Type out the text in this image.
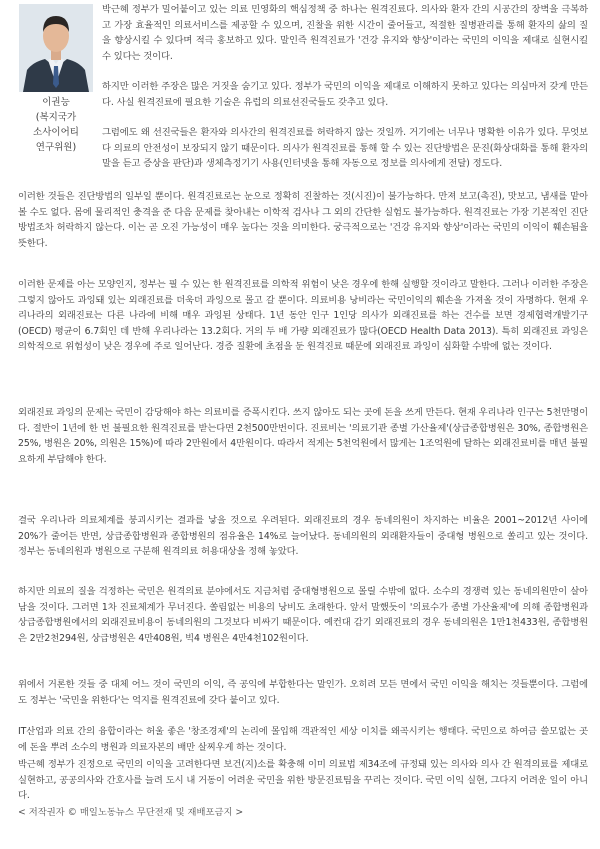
이권능
(복지국가
소사이어티
연구위원)

박근혜 정부가 밀어붙이고 있는 의료 민영화의 핵심정책 중 하나는 원격진료다. 의사와 환자 간의 시공간의 장벽을 극복하고 가장 효율적인 의료서비스를 제공할 수 있으며, 진찰을 위한 시간이 줄어들고, 적절한 질병관리를 통해 환자의 삶의 질을 향상시킬 수 있다며 적극 홍보하고 있다. 말인즉 원격진료가 '건강 유지와 향상'이라는 국민의 이익을 제대로 실현시킬 수 있다는 것이다.

하지만 이러한 주장은 많은 거짓을 숨기고 있다. 정부가 국민의 이익을 제대로 이해하지 못하고 있다는 의심마저 갖게 만든다. 사실 원격진료에 필요한 기술은 유럽의 의료선진국들도 갖추고 있다.

그럼에도 왜 선진국들은 환자와 의사간의 원격진료를 허락하지 않는 것일까. 거기에는 너무나 명확한 이유가 있다. 무엇보다 의료의 안전성이 보장되지 않기 때문이다. 의사가 원격진료를 통해 할 수 있는 진단방법은 문진(화상대화를 통해 환자의 말을 듣고 증상을 판단)과 생체측정기기 사용(인터넷을 통해 자동으로 정보를 의사에게 전달) 정도다.

이러한 것들은 진단방법의 일부일 뿐이다. 원격진료로는 눈으로 정확히 진찰하는 것(시진)이 불가능하다. 만져 보고(촉진), 맛보고, 냄새를 맡아 볼 수도 없다. 몸에 물리적인 충격을 준 다음 문제를 찾아내는 이학적 검사나 그 외의 간단한 실험도 불가능하다. 원격진료는 가장 기본적인 진단방법조차 허락하지 않는다. 이는 곧 오진 가능성이 매우 높다는 것을 의미한다. 궁극적으로는 '건강 유지와 향상'이라는 국민의 이익이 훼손됨을 뜻한다.

이러한 문제를 아는 모양인지, 정부는 필 수 있는 한 원격진료를 의학적 위험이 낮은 경우에 한해 실행할 것이라고 말한다. 그러나 이러한 주장은 그렇지 않아도 과잉돼 있는 외래진료를 더욱더 과잉으로 몰고 갈 뿐이다. 의료비용 낭비라는 국민이익의 훼손을 가져올 것이 자명하다. 현재 우리나라의 외래진료는 다른 나라에 비해 매우 과잉된 상태다. 1년 동안 인구 1인당 의사가 외래진료를 하는 건수를 보면 경제협력개발기구(OECD) 평균이 6.7회인 데 반해 우리나라는 13.2회다. 거의 두 배 가량 외래진료가 많다(OECD Health Data 2013). 특히 외래진료 과잉은 의학적으로 위험성이 낮은 경우에 주로 일어난다. 경증 질환에 초점을 둔 원격진료 때문에 외래진료 과잉이 심화할 수밖에 없는 것이다.

외래진료 과잉의 문제는 국민이 감당해야 하는 의료비를 증폭시킨다. 쓰지 않아도 되는 곳에 돈을 쓰게 만든다. 현재 우리나라 인구는 5천만명이다. 절반이 1년에 한 번 불필요한 원격진료를 받는다면 2천500만번이다. 진료비는 '의료기관 종별 가산율제'(상급종합병원은 30%, 종합병원은 25%, 병원은 20%, 의원은 15%)에 따라 2만원에서 4만원이다. 따라서 적게는 5천억원에서 많게는 1조억원에 달하는 외래진료비를 매년 불필요하게 부담해야 한다.

결국 우리나라 의료체계를 붕괴시키는 결과를 낳을 것으로 우려된다. 외래진료의 경우 동네의원이 차지하는 비율은 2001~2012년 사이에 20%가 줄어든 반면, 상급종합병원과 종합병원의 점유율은 14%로 늘어났다. 동네의원의 외래환자들이 중대형 병원으로 쏠리고 있는 것이다. 정부는 동네의원과 병원으로 구분해 원격의료 허용대상을 정해 놓았다.

하지만 의료의 질을 걱정하는 국민은 원격의료 분야에서도 지금처럼 중대형병원으로 몰릴 수밖에 없다. 소수의 경쟁력 있는 동네의원만이 살아남을 것이다. 그러면 1차 진료체계가 무너진다. 쏠림없는 비용의 낭비도 초래한다. 앞서 말했듯이 '의료수가 종별 가산율제'에 의해 종합병원과 상급종합병원에서의 외래진료비용이 동네의원의 그것보다 비싸기 때문이다. 예컨대 감기 외래진료의 경우 동네의원은 1만1천433원, 종합병원은 2만2천294원, 상급병원은 4만408원, 빅4 병원은 4만4천102원이다.

위에서 거론한 것들 중 대체 어느 것이 국민의 이익, 즉 공익에 부합한다는 말인가. 오히려 모든 면에서 국민 이익을 해치는 것들뿐이다. 그럼에도 정부는 '국민을 위한다'는 억지를 원격진료에 갖다 붙이고 있다.

IT산업과 의료 간의 융합이라는 허울 좋은 '창조경제'의 논리에 몰입해 객관적인 세상 이치를 왜곡시키는 행태다. 국민으로 하여금 쓸모없는 곳에 돈을 뿌려 소수의 병원과 의료자본의 배만 살찌우게 하는 것이다.

박근혜 정부가 진정으로 국민의 이익을 고려한다면 보건(지)소를 확충해 이미 의료법 제34조에 규정돼 있는 의사와 의사 간 원격의료를 제대로 실현하고, 공공의사와 간호사를 늘려 도시 내 거동이 어려운 국민을 위한 방문진료팀을 꾸리는 것이다. 국민 이익 실현, 그다지 어려운 일이 아니다.

< 저작권자 © 매일노동뉴스 무단전재 및 재배포금지 >
